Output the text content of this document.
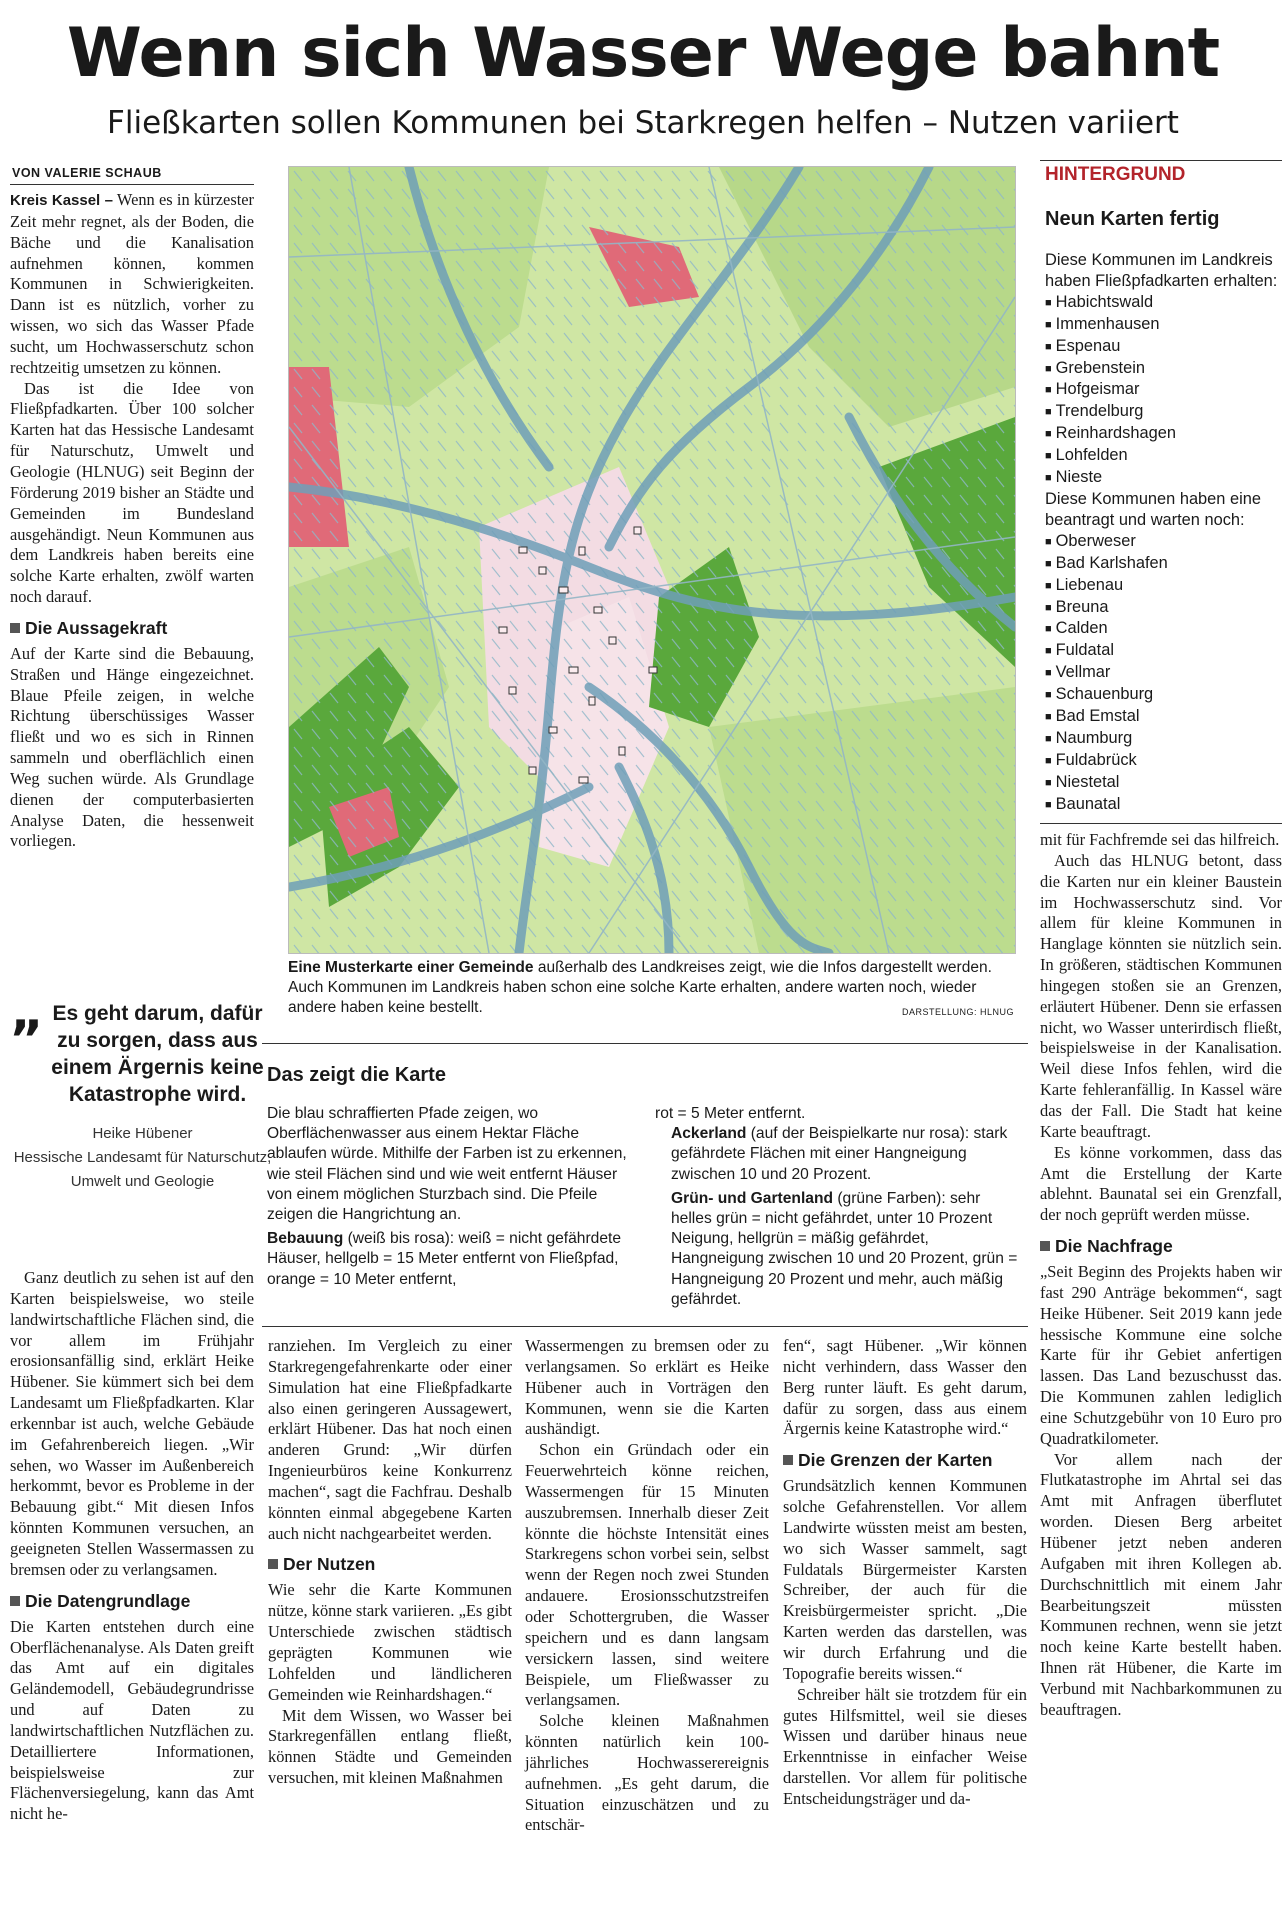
Wenn sich Wasser Wege bahnt
Fließkarten sollen Kommunen bei Starkregen helfen – Nutzen variiert
VON VALERIE SCHAUB

Kreis Kassel – Wenn es in kürzester Zeit mehr regnet, als der Boden, die Bäche und die Kanalisation aufnehmen können, kommen Kommunen in Schwierigkeiten. Dann ist es nützlich, vorher zu wissen, wo sich das Wasser Pfade sucht, um Hochwasserschutz schon rechtzeitig umsetzen zu können.

Das ist die Idee von Fließpfadkarten. Über 100 solcher Karten hat das Hessische Landesamt für Naturschutz, Umwelt und Geologie (HLNUG) seit Beginn der Förderung 2019 bisher an Städte und Gemeinden im Bundesland ausgehändigt. Neun Kommunen aus dem Landkreis haben bereits eine solche Karte erhalten, zwölf warten noch darauf.

Die Aussagekraft

Auf der Karte sind die Bebauung, Straßen und Hänge eingezeichnet. Blaue Pfeile zeigen, in welche Richtung überschüssiges Wasser fließt und wo es sich in Rinnen sammeln und oberflächlich einen Weg suchen würde. Als Grundlage dienen der computerbasierten Analyse Daten, die hessenweit vorliegen.

„ Es geht darum, dafür zu sorgen, dass aus einem Ärgernis keine Katastrophe wird.
Heike Hübener
Hessische Landesamt für Naturschutz, Umwelt und Geologie

Ganz deutlich zu sehen ist auf den Karten beispielsweise, wo steile landwirtschaftliche Flächen sind, die vor allem im Frühjahr erosionsanfällig sind, erklärt Heike Hübener. Sie kümmert sich bei dem Landesamt um Fließpfadkarten. Klar erkennbar ist auch, welche Gebäude im Gefahrenbereich liegen. „Wir sehen, wo Wasser im Außenbereich herkommt, bevor es Probleme in der Bebauung gibt.“ Mit diesen Infos könnten Kommunen versuchen, an geeigneten Stellen Wassermassen zu bremsen oder zu verlangsamen.

Die Datengrundlage

Die Karten entstehen durch eine Oberflächenanalyse. Als Daten greift das Amt auf ein digitales Geländemodell, Gebäudegrundrisse und auf Daten zu landwirtschaftlichen Nutzflächen zu. Detailliertere Informationen, beispielsweise zur Flächenversiegelung, kann das Amt nicht he-

Eine Musterkarte einer Gemeinde außerhalb des Landkreises zeigt, wie die Infos dargestellt werden. Auch Kommunen im Landkreis haben schon eine solche Karte erhalten, andere warten noch, wieder andere haben keine bestellt.	DARSTELLUNG: HLNUG
Das zeigt die Karte
Die blau schraffierten Pfade zeigen, wo Oberflächenwasser aus einem Hektar Fläche ablaufen würde. Mithilfe der Farben ist zu erkennen, wie steil Flächen sind und wie weit entfernt Häuser von einem möglichen Sturzbach sind. Die Pfeile zeigen die Hangrichtung an.
Bebauung (weiß bis rosa): weiß = nicht gefährdete Häuser, hellgelb = 15 Meter entfernt von Fließpfad, orange = 10 Meter entfernt,
rot = 5 Meter entfernt.
Ackerland (auf der Beispielkarte nur rosa): stark gefährdete Flächen mit einer Hangneigung zwischen 10 und 20 Prozent.
Grün- und Gartenland (grüne Farben): sehr helles grün = nicht gefährdet, unter 10 Prozent Neigung, hellgrün = mäßig gefährdet, Hangneigung zwischen 10 und 20 Prozent, grün = Hangneigung 20 Prozent und mehr, auch mäßig gefährdet.

ranziehen. Im Vergleich zu einer Starkregengefahrenkarte oder einer Simulation hat eine Fließpfadkarte also einen geringeren Aussagewert, erklärt Hübener. Das hat noch einen anderen Grund: „Wir dürfen Ingenieurbüros keine Konkurrenz machen“, sagt die Fachfrau. Deshalb könnten einmal abgegebene Karten auch nicht nachgearbeitet werden.

Der Nutzen

Wie sehr die Karte Kommunen nütze, könne stark variieren. „Es gibt Unterschiede zwischen städtisch geprägten Kommunen wie Lohfelden und ländlicheren Gemeinden wie Reinhardshagen.“

Mit dem Wissen, wo Wasser bei Starkregenfällen entlang fließt, können Städte und Gemeinden versuchen, mit kleinen Maßnahmen

Wassermengen zu bremsen oder zu verlangsamen. So erklärt es Heike Hübener auch in Vorträgen den Kommunen, wenn sie die Karten aushändigt.

Schon ein Gründach oder ein Feuerwehrteich könne reichen, Wassermengen für 15 Minuten auszubremsen. Innerhalb dieser Zeit könnte die höchste Intensität eines Starkregens schon vorbei sein, selbst wenn der Regen noch zwei Stunden andauere. Erosionsschutzstreifen oder Schottergruben, die Wasser speichern und es dann langsam versickern lassen, sind weitere Beispiele, um Fließwasser zu verlangsamen.

Solche kleinen Maßnahmen könnten natürlich kein 100-jährliches Hochwasserereignis aufnehmen. „Es geht darum, die Situation einzuschätzen und zu entschär-

fen“, sagt Hübener. „Wir können nicht verhindern, dass Wasser den Berg runter läuft. Es geht darum, dafür zu sorgen, dass aus einem Ärgernis keine Katastrophe wird.“

Die Grenzen der Karten

Grundsätzlich kennen Kommunen solche Gefahrenstellen. Vor allem Landwirte wüssten meist am besten, wo sich Wasser sammelt, sagt Fuldatals Bürgermeister Karsten Schreiber, der auch für die Kreisbürgermeister spricht. „Die Karten werden das darstellen, was wir durch Erfahrung und die Topografie bereits wissen.“

Schreiber hält sie trotzdem für ein gutes Hilfsmittel, weil sie dieses Wissen und darüber hinaus neue Erkenntnisse in einfacher Weise darstellen. Vor allem für politische Entscheidungsträger und da-

HINTERGRUND
Neun Karten fertig
Diese Kommunen im Landkreis haben Fließpfadkarten erhalten:
■ Habichtswald
■ Immenhausen
■ Espenau
■ Grebenstein
■ Hofgeismar
■ Trendelburg
■ Reinhardshagen
■ Lohfelden
■ Nieste
Diese Kommunen haben eine beantragt und warten noch:
■ Oberweser
■ Bad Karlshafen
■ Liebenau
■ Breuna
■ Calden
■ Fuldatal
■ Vellmar
■ Schauenburg
■ Bad Emstal
■ Naumburg
■ Fuldabrück
■ Niestetal
■ Baunatal

mit für Fachfremde sei das hilfreich.

Auch das HLNUG betont, dass die Karten nur ein kleiner Baustein im Hochwasserschutz sind. Vor allem für kleine Kommunen in Hanglage könnten sie nützlich sein. In größeren, städtischen Kommunen hingegen stoßen sie an Grenzen, erläutert Hübener. Denn sie erfassen nicht, wo Wasser unterirdisch fließt, beispielsweise in der Kanalisation. Weil diese Infos fehlen, wird die Karte fehleranfällig. In Kassel wäre das der Fall. Die Stadt hat keine Karte beauftragt.

Es könne vorkommen, dass das Amt die Erstellung der Karte ablehnt. Baunatal sei ein Grenzfall, der noch geprüft werden müsse.

Die Nachfrage

„Seit Beginn des Projekts haben wir fast 290 Anträge bekommen“, sagt Heike Hübener. Seit 2019 kann jede hessische Kommune eine solche Karte für ihr Gebiet anfertigen lassen. Das Land bezuschusst das. Die Kommunen zahlen lediglich eine Schutzgebühr von 10 Euro pro Quadratkilometer.

Vor allem nach der Flutkatastrophe im Ahrtal sei das Amt mit Anfragen überflutet worden. Diesen Berg arbeitet Hübener jetzt neben anderen Aufgaben mit ihren Kollegen ab. Durchschnittlich mit einem Jahr Bearbeitungszeit müssten Kommunen rechnen, wenn sie jetzt noch keine Karte bestellt haben. Ihnen rät Hübener, die Karte im Verbund mit Nachbarkommunen zu beauftragen.
